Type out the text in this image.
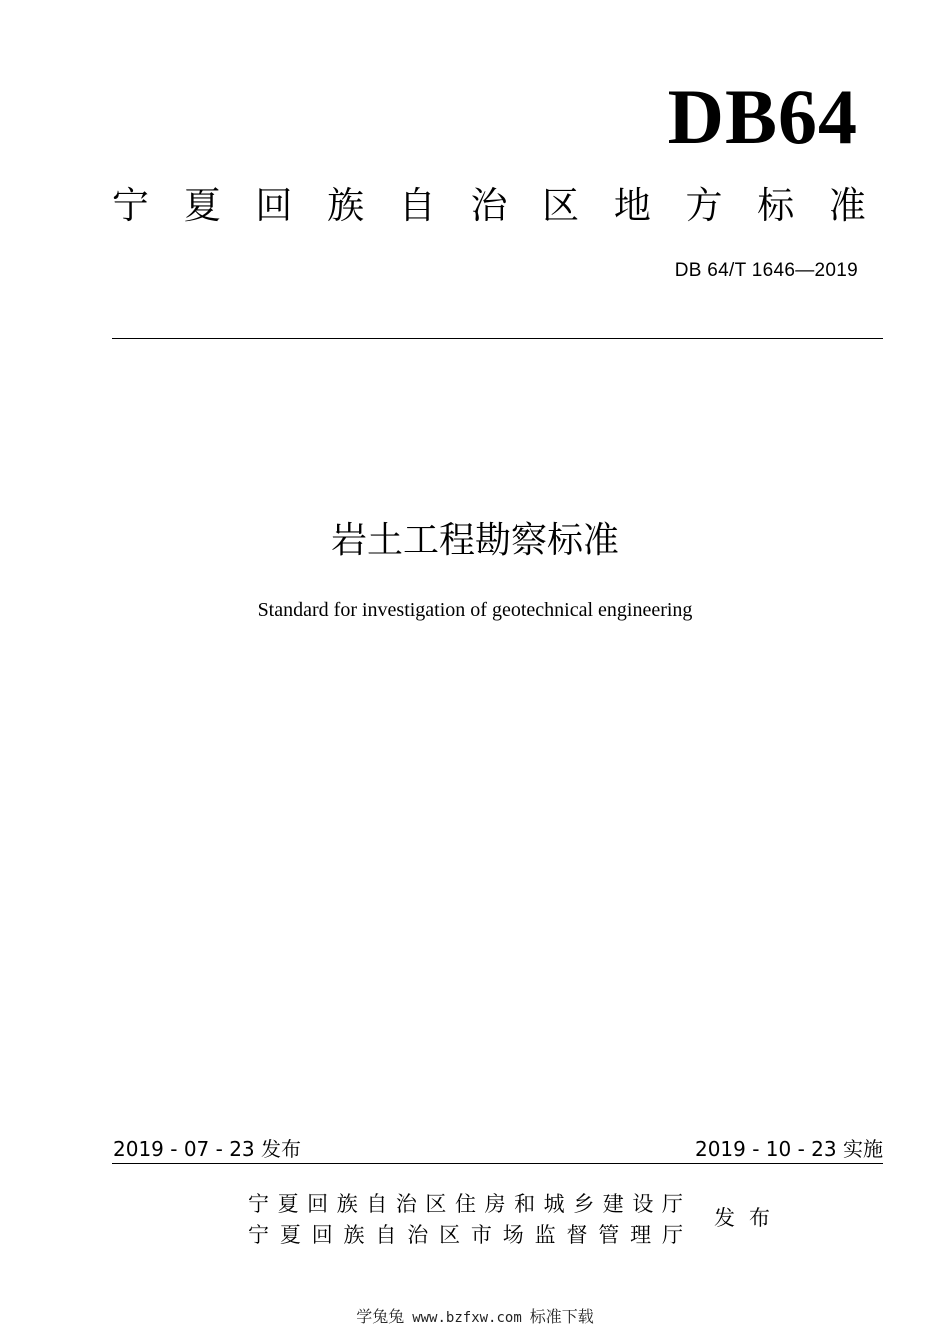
DB64
宁 夏 回 族 自 治 区 地 方 标 准
DB 64/T 1646—2019
岩土工程勘察标准
Standard for investigation of geotechnical engineering
2019 - 07 - 23 发布	2019 - 10 - 23 实施
宁 夏 回 族 自 治 区 住 房 和 城 乡 建 设 厅
宁 夏 回 族 自 治 区 市 场 监 督 管 理 厅
发布
学兔兔 www.bzfxw.com 标准下载
